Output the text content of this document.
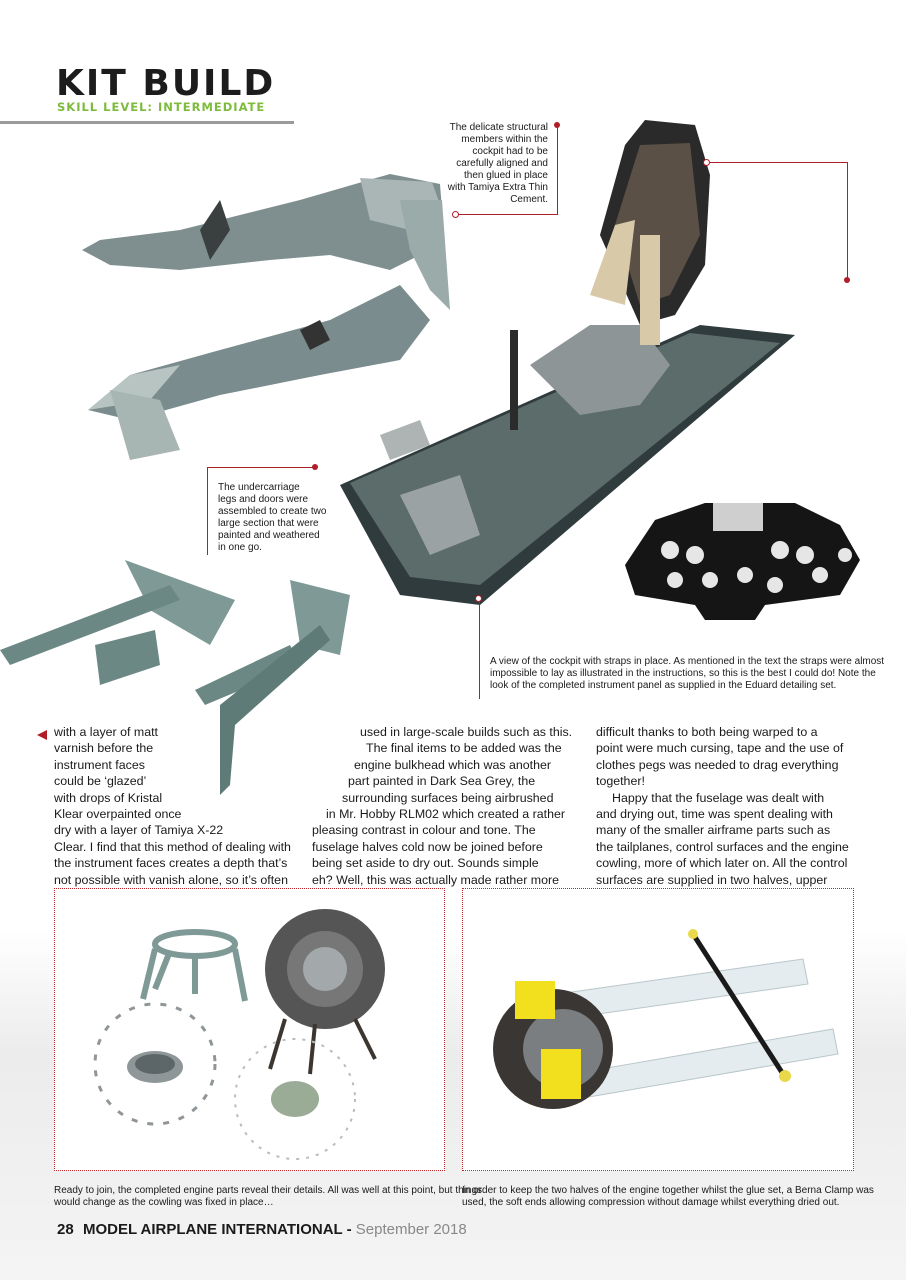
KIT BUILD
SKILL LEVEL: INTERMEDIATE
The delicate structural
members within the
cockpit had to be
carefully aligned and
then glued in place
with Tamiya Extra Thin
Cement.
The undercarriage
legs and doors were
assembled to create two
large section that were
painted and weathered
in one go.
A view of the cockpit with straps in place. As mentioned in the text the straps were almost
impossible to lay as illustrated in the instructions, so this is the best I could do! Note the
look of the completed instrument panel as supplied in the Eduard detailing set.
with a layer of matt
varnish before the
instrument faces
could be ‘glazed’
with drops of Kristal
Klear overpainted once
dry with a layer of Tamiya X-22
Clear. I find that this method of dealing with
the instrument faces creates a depth that’s
not possible with vanish alone, so it’s often
used in large-scale builds such as this.
The final items to be added was the
engine bulkhead which was another
part painted in Dark Sea Grey, the
surrounding surfaces being airbrushed
in Mr. Hobby RLM02 which created a rather
pleasing contrast in colour and tone. The
fuselage halves cold now be joined before
being set aside to dry out. Sounds simple
eh? Well, this was actually made rather more
difficult thanks to both being warped to a
point were much cursing, tape and the use of
clothes pegs was needed to drag everything
together!
Happy that the fuselage was dealt with
and drying out, time was spent dealing with
many of the smaller airframe parts such as
the tailplanes, control surfaces and the engine
cowling, more of which later on. All the control
surfaces are supplied in two halves, upper
Ready to join, the completed engine parts reveal their details. All was well at this point, but things
would change as the cowling was fixed in place…
In order to keep the two halves of the engine together whilst the glue set, a Berna Clamp was
used, the soft ends allowing compression without damage whilst everything dried out.
28 MODEL AIRPLANE INTERNATIONAL - September 2018
